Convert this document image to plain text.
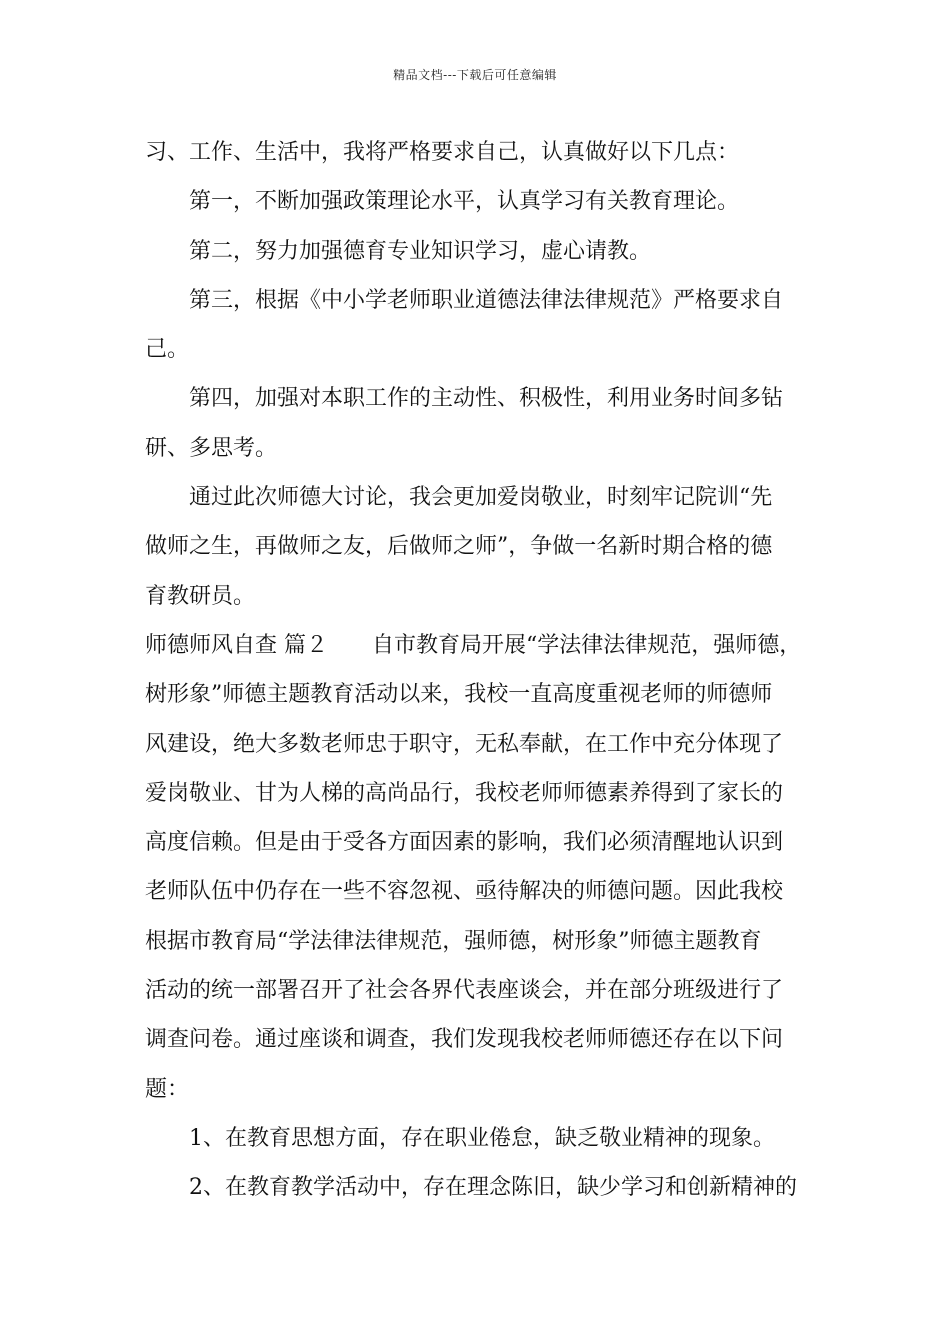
精品文档---下载后可任意编辑
习、工作、生活中，我将严格要求自己，认真做好以下几点：
第一，不断加强政策理论水平，认真学习有关教育理论。
第二，努力加强德育专业知识学习，虚心请教。
第三，根据《中小学老师职业道德法律法律规范》严格要求自
己。
第四，加强对本职工作的主动性、积极性，利用业务时间多钻
研、多思考。
通过此次师德大讨论，我会更加爱岗敬业，时刻牢记院训“先
做师之生，再做师之友，后做师之师”，争做一名新时期合格的德
育教研员。
师德师风自查 篇２ 自市教育局开展“学法律法律规范，强师德，
树形象”师德主题教育活动以来，我校一直高度重视老师的师德师
风建设，绝大多数老师忠于职守，无私奉献，在工作中充分体现了
爱岗敬业、甘为人梯的高尚品行，我校老师师德素养得到了家长的
高度信赖。但是由于受各方面因素的影响，我们必须清醒地认识到
老师队伍中仍存在一些不容忽视、亟待解决的师德问题。因此我校
根据市教育局“学法律法律规范，强师德，树形象”师德主题教育
活动的统一部署召开了社会各界代表座谈会，并在部分班级进行了
调查问卷。通过座谈和调查，我们发现我校老师师德还存在以下问
题：
1、在教育思想方面，存在职业倦怠，缺乏敬业精神的现象。
2、在教育教学活动中，存在理念陈旧，缺少学习和创新精神的
